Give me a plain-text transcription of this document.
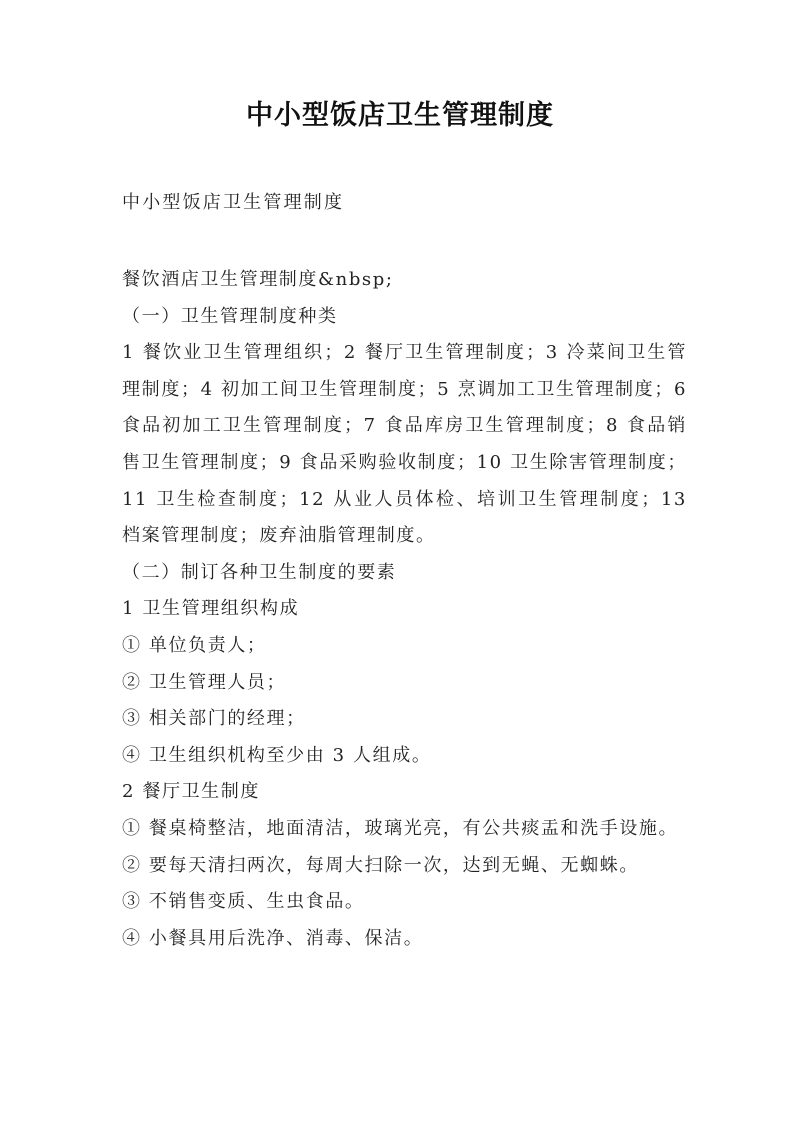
中小型饭店卫生管理制度
中小型饭店卫生管理制度

餐饮酒店卫生管理制度&nbsp;

（一）卫生管理制度种类

1 餐饮业卫生管理组织；2 餐厅卫生管理制度；3 冷菜间卫生管理制度；4 初加工间卫生管理制度；5 烹调加工卫生管理制度；6 食品初加工卫生管理制度；7 食品库房卫生管理制度；8 食品销售卫生管理制度；9 食品采购验收制度；10 卫生除害管理制度；11 卫生检查制度；12 从业人员体检、培训卫生管理制度；13 档案管理制度；废弃油脂管理制度。

（二）制订各种卫生制度的要素

1 卫生管理组织构成

① 单位负责人；

② 卫生管理人员；

③ 相关部门的经理；

④ 卫生组织机构至少由 3 人组成。

2 餐厅卫生制度

① 餐桌椅整洁，地面清洁，玻璃光亮，有公共痰盂和洗手设施。

② 要每天清扫两次，每周大扫除一次，达到无蝇、无蜘蛛。

③ 不销售变质、生虫食品。

④ 小餐具用后洗净、消毒、保洁。
